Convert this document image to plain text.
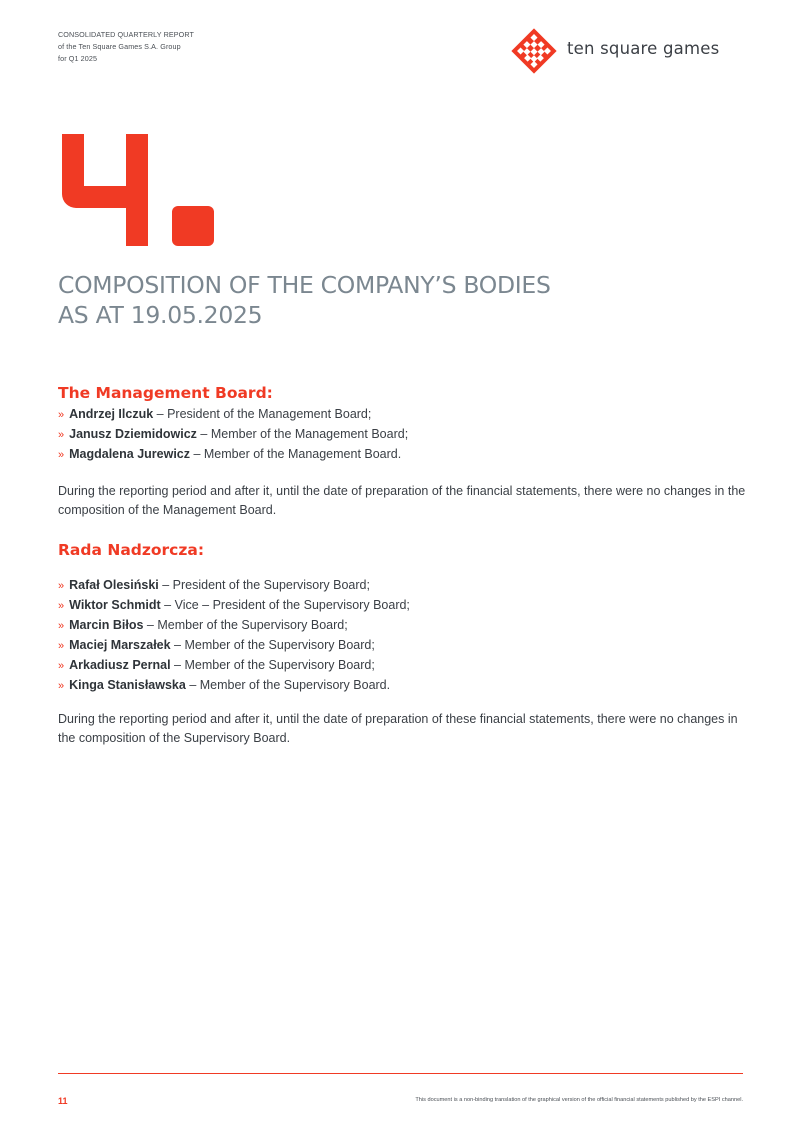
CONSOLIDATED QUARTERLY REPORT
of the Ten Square Games S.A. Group
for Q1 2025
ten square games
COMPOSITION OF THE COMPANY’S BODIES
AS AT 19.05.2025
The Management Board:
» Andrzej Ilczuk – President of the Management Board;
» Janusz Dziemidowicz – Member of the Management Board;
» Magdalena Jurewicz – Member of the Management Board.

During the reporting period and after it, until the date of preparation of the financial statements, there were no changes in the composition of the Management Board.

Rada Nadzorcza:
» Rafał Olesiński – President of the Supervisory Board;
» Wiktor Schmidt – Vice – President of the Supervisory Board;
» Marcin Biłos – Member of the Supervisory Board;
» Maciej Marszałek – Member of the Supervisory Board;
» Arkadiusz Pernal – Member of the Supervisory Board;
» Kinga Stanisławska – Member of the Supervisory Board.

During the reporting period and after it, until the date of preparation of these financial statements, there were no changes in the composition of the Supervisory Board.

11	This document is a non-binding translation of the graphical version of the official financial statements published by the ESPI channel.
